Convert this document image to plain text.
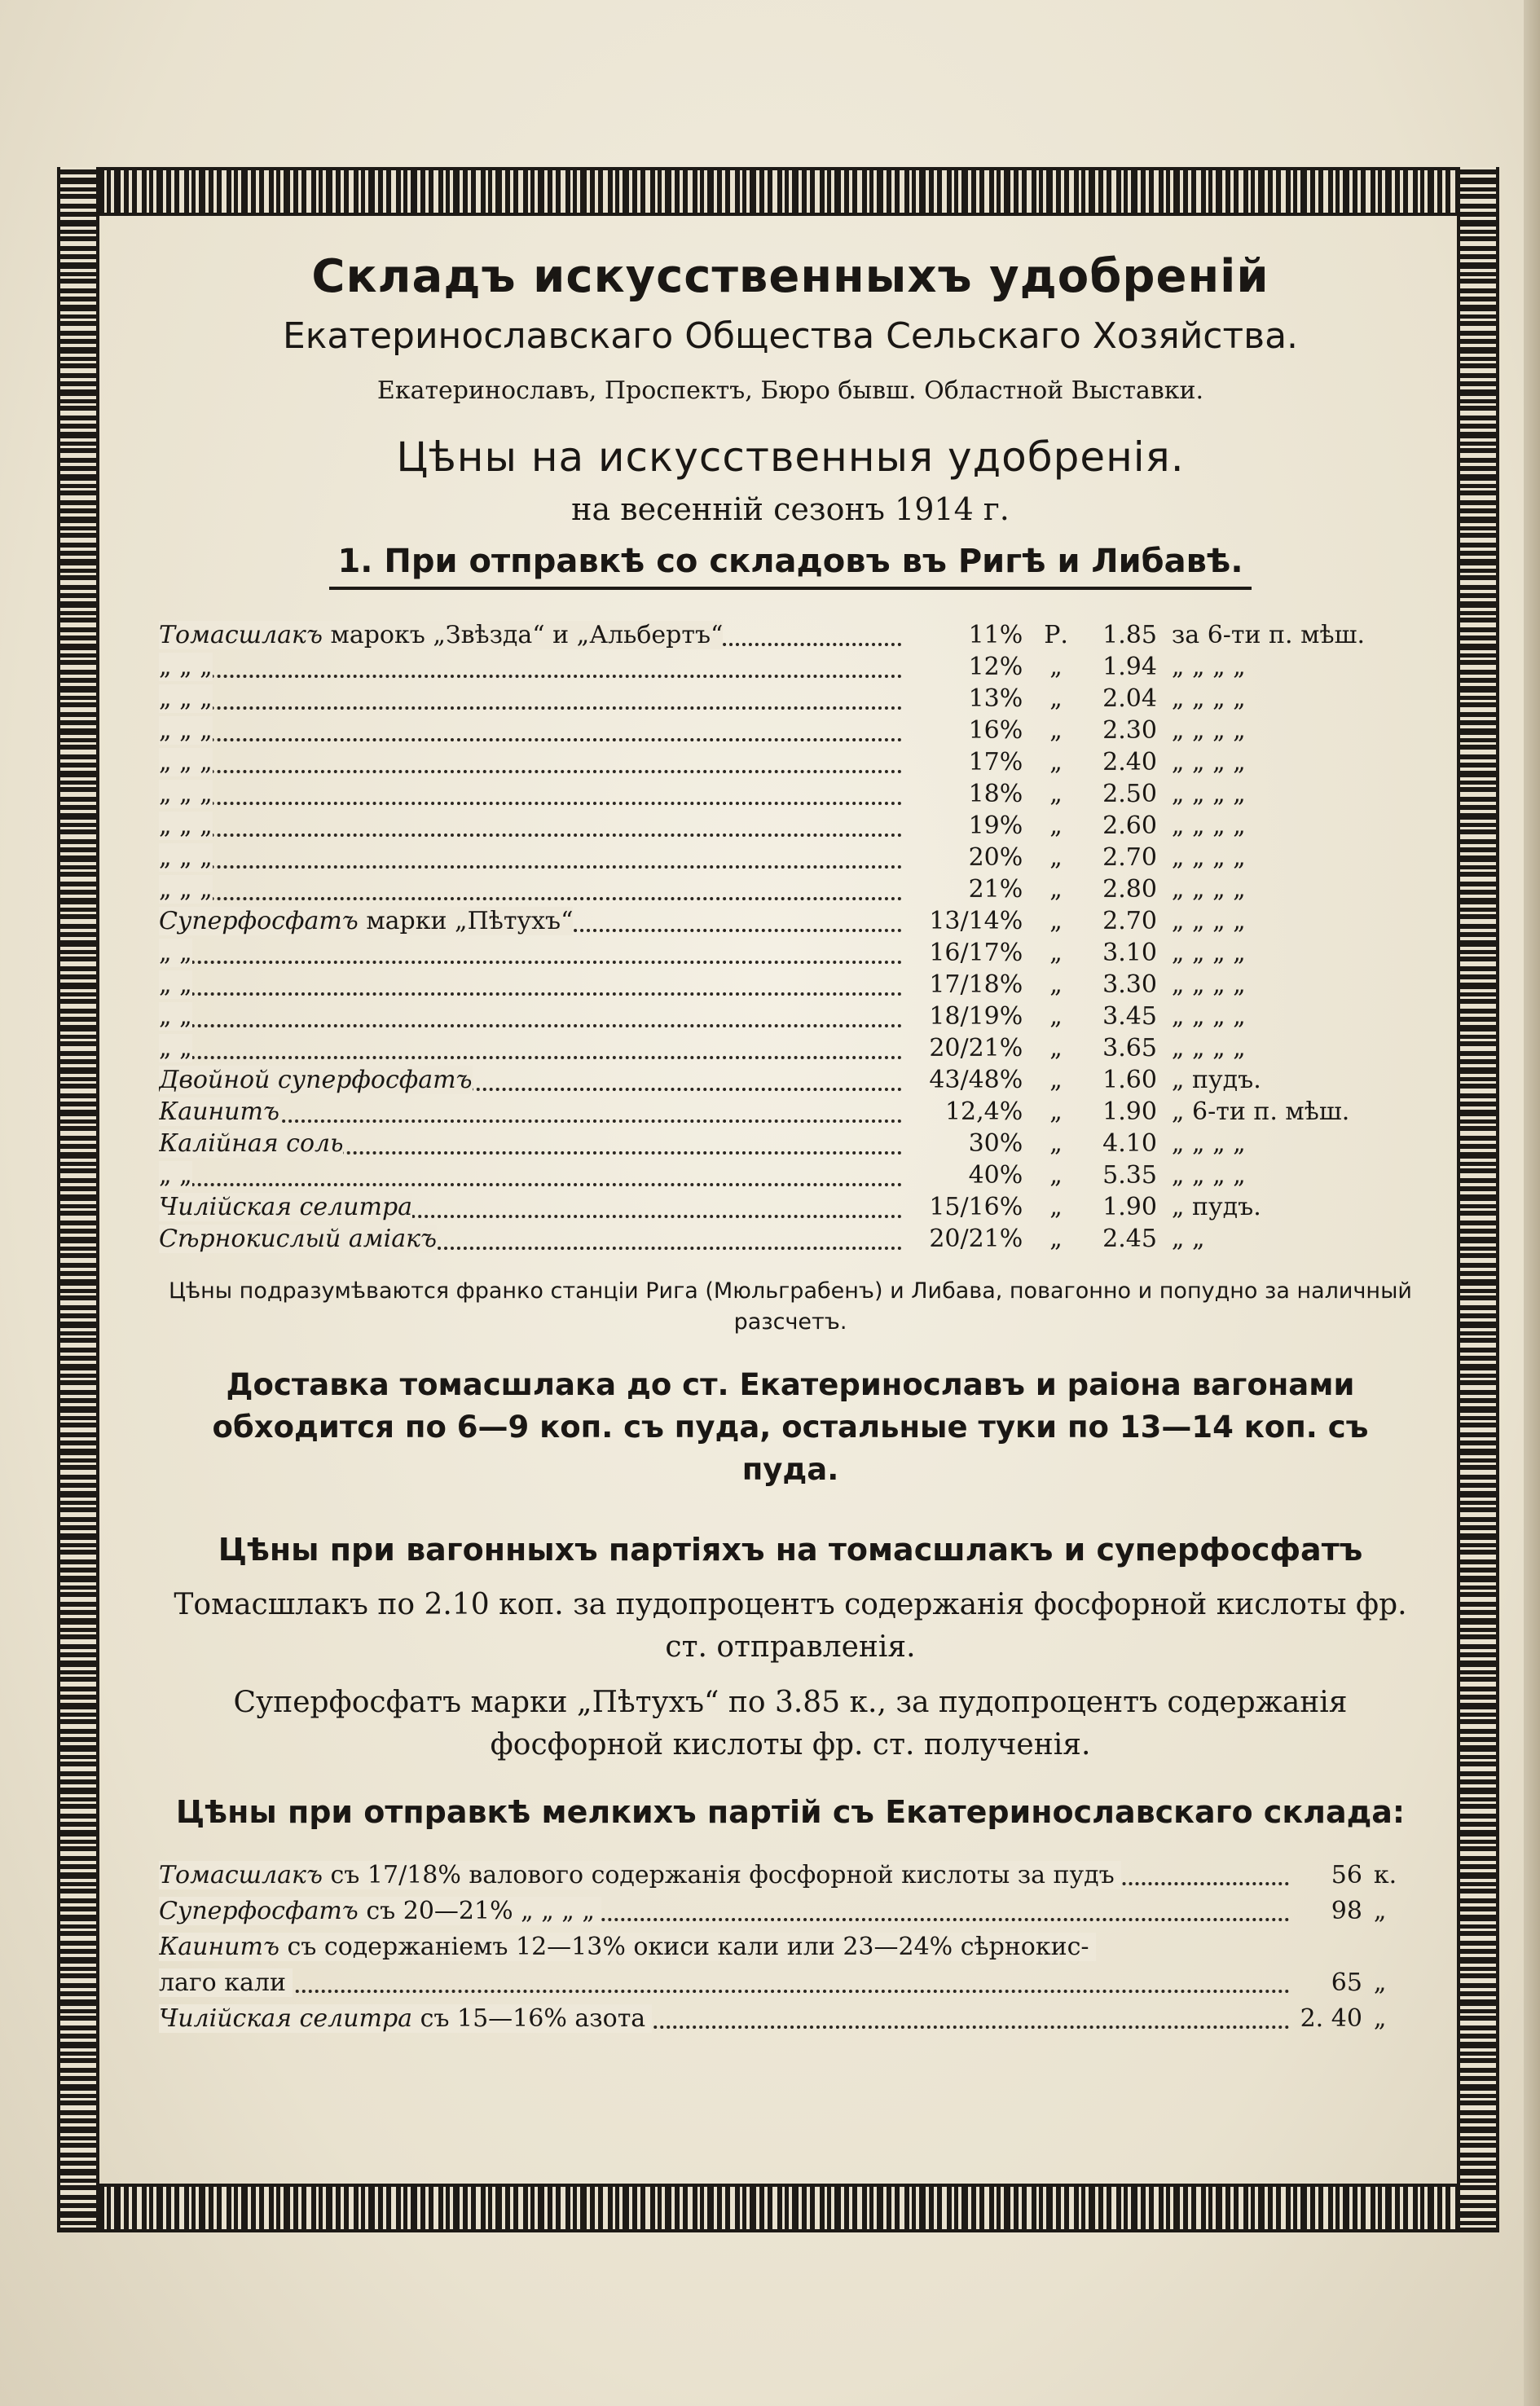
Складъ искусственныхъ удобреній

Екатеринославскаго Общества Сельскаго Хозяйства.

Екатеринославъ, Проспектъ, Бюро бывш. Областной Выставки.

Цѣны на искусственныя удобренія.

на весенній сезонъ 1914 г.

1. При отправкѣ со складовъ въ Ригѣ и Либавѣ.
Томасшлакъ марокъ „Звѣзда“ и „Альбертъ“	11% Р.	1.85 за 6-ти п. мѣш.
„ „ „	12%	„	1.94 „ „ „ „
„ „ „	13%	„	2.04 „ „ „ „
„ „ „	16%	„	2.30 „ „ „ „
„ „ „	17%	„	2.40 „ „ „ „
„ „ „	18%	„	2.50 „ „ „ „
„ „ „	19%	„	2.60 „ „ „ „
„ „ „	20%	„	2.70 „ „ „ „
„ „ „	21%	„	2.80 „ „ „ „
Суперфосфатъ марки „Пѣтухъ“	13/14%	„	2.70 „ „ „ „
„ „	16/17%	„	3.10 „ „ „ „
„ „	17/18%	„	3.30 „ „ „ „
„ „	18/19%	„	3.45 „ „ „ „
„ „	20/21%	„	3.65 „ „ „ „
Двойной суперфосфатъ	43/48%	„	1.60 „ пудъ.
Каинитъ	12,4%	„	1.90 „ 6-ти п. мѣш.
Калійная соль	30%	„	4.10 „ „ „ „
„ „	40%	„	5.35 „ „ „ „
Чилійская селитра	15/16%	„	1.90 „ пудъ.
Сѣрнокислый аміакъ	20/21%	„	2.45 „ „
Цѣны подразумѣваются франко станціи Рига (Мюльграбенъ) и Либава, повагонно и попудно за наличный разсчетъ.
Доставка томасшлака до ст. Екатеринославъ и раіона вагонами обходится по 6—9 коп. съ пуда, остальные туки по 13—14 коп. съ пуда.
Цѣны при вагонныхъ партіяхъ на томасшлакъ и суперфосфатъ
Томасшлакъ по 2.10 коп. за пудопроцентъ содержанія фосфорной кислоты фр. ст. отправленія.
Суперфосфатъ марки „Пѣтухъ“ по 3.85 к., за пудопроцентъ содержанія фосфорной кислоты фр. ст. полученія.
Цѣны при отправкѣ мелкихъ партій съ Екатеринославскаго склада:
Томасшлакъ съ 17/18% валового содержанія фосфорной кислоты за пудъ	56 к.
Суперфосфатъ съ 20—21% „ „ „ „	98 „
Каинитъ съ содержаніемъ 12—13% окиси кали или 23—24% сѣрнокис-
лаго кали	65 „
Чилійская селитра съ 15—16% азота	2. 40 „
